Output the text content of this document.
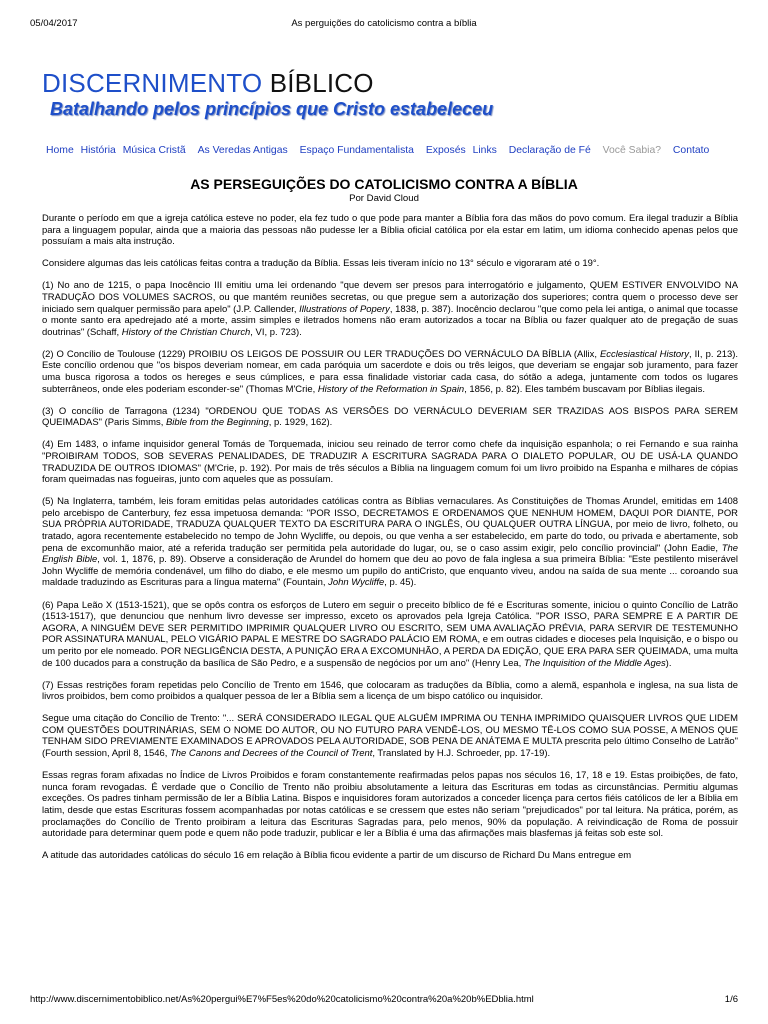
05/04/2017	As perguições do catolicismo contra a bíblia
DISCERNIMENTO BÍBLICO
Batalhando pelos princípios que Cristo estabeleceu
Home História Música Cristã As Veredas Antigas Espaço Fundamentalista Exposés Links Declaração de Fé Você Sabia? Contato
AS PERSEGUIÇÕES DO CATOLICISMO CONTRA A BÍBLIA
Por David Cloud

Durante o período em que a igreja católica esteve no poder, ela fez tudo o que pode para manter a Bíblia fora das mãos do povo comum. Era ilegal traduzir a Bíblia para a linguagem popular, ainda que a maioria das pessoas não pudesse ler a Bíblia oficial católica por ela estar em latim, um idioma conhecido apenas pelos que possuíam a mais alta instrução.

Considere algumas das leis católicas feitas contra a tradução da Bíblia. Essas leis tiveram início no 13° século e vigoraram até o 19°.

(1) No ano de 1215, o papa Inocêncio III emitiu uma lei ordenando "que devem ser presos para interrogatório e julgamento, QUEM ESTIVER ENVOLVIDO NA TRADUÇÃO DOS VOLUMES SACROS, ou que mantém reuniões secretas, ou que pregue sem a autorização dos superiores; contra quem o processo deve ser iniciado sem qualquer permissão para apelo" (J.P. Callender, Illustrations of Popery, 1838, p. 387). Inocêncio declarou "que como pela lei antiga, o animal que tocasse o monte santo era apedrejado até a morte, assim simples e iletrados homens não eram autorizados a tocar na Bíblia ou fazer qualquer ato de pregação de suas doutrinas" (Schaff, History of the Christian Church, VI, p. 723).

(2) O Concílio de Toulouse (1229) PROIBIU OS LEIGOS DE POSSUIR OU LER TRADUÇÕES DO VERNÁCULO DA BÍBLIA (Allix, Ecclesiastical History, II, p. 213). Este concílio ordenou que "os bispos deveriam nomear, em cada paróquia um sacerdote e dois ou três leigos, que deveriam se engajar sob juramento, para fazer uma busca rigorosa a todos os hereges e seus cúmplices, e para essa finalidade vistoriar cada casa, do sótão a adega, juntamente com todos os lugares subterrâneos, onde eles poderiam esconder-se" (Thomas M'Crie, History of the Reformation in Spain, 1856, p. 82). Eles também buscavam por Bíblias ilegais.

(3) O concílio de Tarragona (1234) "ORDENOU QUE TODAS AS VERSÕES DO VERNÁCULO DEVERIAM SER TRAZIDAS AOS BISPOS PARA SEREM QUEIMADAS" (Paris Simms, Bible from the Beginning, p. 1929, 162).

(4) Em 1483, o infame inquisidor general Tomás de Torquemada, iniciou seu reinado de terror como chefe da inquisição espanhola; o rei Fernando e sua rainha "PROIBIRAM TODOS, SOB SEVERAS PENALIDADES, DE TRADUZIR A ESCRITURA SAGRADA PARA O DIALETO POPULAR, OU DE USÁ-LA QUANDO TRADUZIDA DE OUTROS IDIOMAS" (M'Crie, p. 192). Por mais de três séculos a Bíblia na linguagem comum foi um livro proibido na Espanha e milhares de cópias foram queimadas nas fogueiras, junto com aqueles que as possuíam.

(5) Na Inglaterra, também, leis foram emitidas pelas autoridades católicas contra as Bíblias vernaculares. As Constituições de Thomas Arundel, emitidas em 1408 pelo arcebispo de Canterbury, fez essa impetuosa demanda: "POR ISSO, DECRETAMOS E ORDENAMOS QUE NENHUM HOMEM, DAQUI POR DIANTE, POR SUA PRÓPRIA AUTORIDADE, TRADUZA QUALQUER TEXTO DA ESCRITURA PARA O INGLÊS, OU QUALQUER OUTRA LÍNGUA, por meio de livro, folheto, ou tratado, agora recentemente estabelecido no tempo de John Wycliffe, ou depois, ou que venha a ser estabelecido, em parte do todo, ou privada e abertamente, sob pena de excomunhão maior, até a referida tradução ser permitida pela autoridade do lugar, ou, se o caso assim exigir, pelo concílio provincial" (John Eadie, The English Bible, vol. 1, 1876, p. 89). Observe a consideração de Arundel do homem que deu ao povo de fala inglesa a sua primeira Bíblia: "Este pestilento miserável John Wycliffe de memória condenável, um filho do diabo, e ele mesmo um pupilo do antiCristo, que enquanto viveu, andou na saída de sua mente ... coroando sua maldade traduzindo as Escrituras para a língua materna" (Fountain, John Wycliffe, p. 45).

(6) Papa Leão X (1513-1521), que se opôs contra os esforços de Lutero em seguir o preceito bíblico de fé e Escrituras somente, iniciou o quinto Concílio de Latrão (1513-1517), que denunciou que nenhum livro devesse ser impresso, exceto os aprovados pela Igreja Católica. "POR ISSO, PARA SEMPRE E A PARTIR DE AGORA, A NINGUÉM DEVE SER PERMITIDO IMPRIMIR QUALQUER LIVRO OU ESCRITO, SEM UMA AVALIAÇÃO PRÉVIA, PARA SERVIR DE TESTEMUNHO POR ASSINATURA MANUAL, PELO VIGÁRIO PAPAL E MESTRE DO SAGRADO PALÁCIO EM ROMA, e em outras cidades e dioceses pela Inquisição, e o bispo ou um perito por ele nomeado. POR NEGLIGÊNCIA DESTA, A PUNIÇÃO ERA A EXCOMUNHÃO, A PERDA DA EDIÇÃO, QUE ERA PARA SER QUEIMADA, uma multa de 100 ducados para a construção da basílica de São Pedro, e a suspensão de negócios por um ano" (Henry Lea, The Inquisition of the Middle Ages).

(7) Essas restrições foram repetidas pelo Concílio de Trento em 1546, que colocaram as traduções da Bíblia, como a alemã, espanhola e inglesa, na sua lista de livros proibidos, bem como proibidos a qualquer pessoa de ler a Bíblia sem a licença de um bispo católico ou inquisidor.

Segue uma citação do Concílio de Trento: "... SERÁ CONSIDERADO ILEGAL QUE ALGUÉM IMPRIMA OU TENHA IMPRIMIDO QUAISQUER LIVROS QUE LIDEM COM QUESTÕES DOUTRINÁRIAS, SEM O NOME DO AUTOR, OU NO FUTURO PARA VENDÊ-LOS, OU MESMO TÊ-LOS COMO SUA POSSE, A MENOS QUE TENHAM SIDO PREVIAMENTE EXAMINADOS E APROVADOS PELA AUTORIDADE, SOB PENA DE ANÁTEMA E MULTA prescrita pelo último Conselho de Latrão" (Fourth session, April 8, 1546, The Canons and Decrees of the Council of Trent, Translated by H.J. Schroeder, pp. 17-19).

Essas regras foram afixadas no Índice de Livros Proibidos e foram constantemente reafirmadas pelos papas nos séculos 16, 17, 18 e 19. Estas proibições, de fato, nunca foram revogadas. É verdade que o Concílio de Trento não proibiu absolutamente a leitura das Escrituras em todas as circunstâncias. Permitiu algumas exceções. Os padres tinham permissão de ler a Bíblia Latina. Bispos e inquisidores foram autorizados a conceder licença para certos fiéis católicos de ler a Bíblia em latim, desde que estas Escrituras fossem acompanhadas por notas católicas e se cressem que estes não seriam "prejudicados" por tal leitura. Na prática, porém, as proclamações do Concílio de Trento proibiram a leitura das Escrituras Sagradas para, pelo menos, 90% da população. A reivindicação de Roma de possuir autoridade para determinar quem pode e quem não pode traduzir, publicar e ler a Bíblia é uma das afirmações mais blasfemas já feitas sob este sol.

A atitude das autoridades católicas do século 16 em relação à Bíblia ficou evidente a partir de um discurso de Richard Du Mans entregue em

http://www.discernimentobiblico.net/As%20pergui%E7%F5es%20do%20catolicismo%20contra%20a%20b%EDblia.html	1/6
